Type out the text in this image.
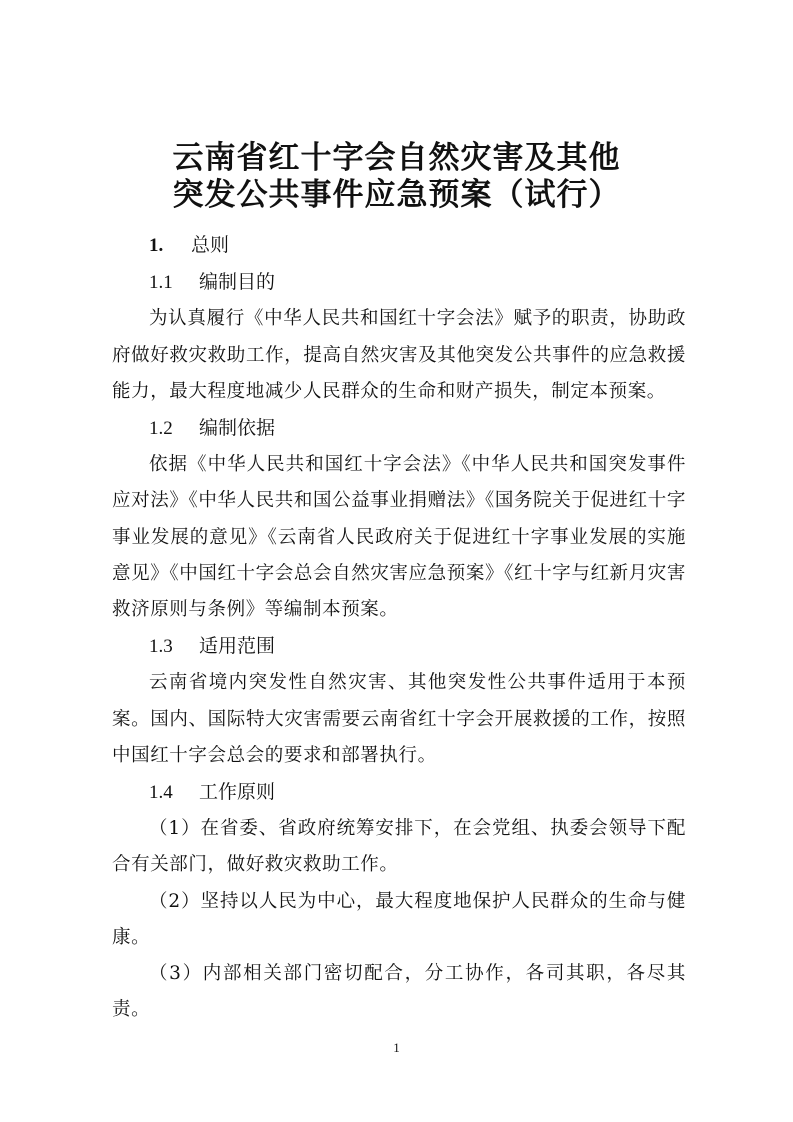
云南省红十字会自然灾害及其他
突发公共事件应急预案（试行）
1. 总则
1.1 编制目的
为认真履行《中华人民共和国红十字会法》赋予的职责，协助政府做好救灾救助工作，提高自然灾害及其他突发公共事件的应急救援能力，最大程度地减少人民群众的生命和财产损失，制定本预案。
1.2 编制依据
依据《中华人民共和国红十字会法》《中华人民共和国突发事件应对法》《中华人民共和国公益事业捐赠法》《国务院关于促进红十字事业发展的意见》《云南省人民政府关于促进红十字事业发展的实施意见》《中国红十字会总会自然灾害应急预案》《红十字与红新月灾害救济原则与条例》等编制本预案。
1.3 适用范围
云南省境内突发性自然灾害、其他突发性公共事件适用于本预案。国内、国际特大灾害需要云南省红十字会开展救援的工作，按照中国红十字会总会的要求和部署执行。
1.4 工作原则
（1）在省委、省政府统筹安排下，在会党组、执委会领导下配合有关部门，做好救灾救助工作。
（2）坚持以人民为中心，最大程度地保护人民群众的生命与健康。
（3）内部相关部门密切配合，分工协作，各司其职，各尽其责。
1
